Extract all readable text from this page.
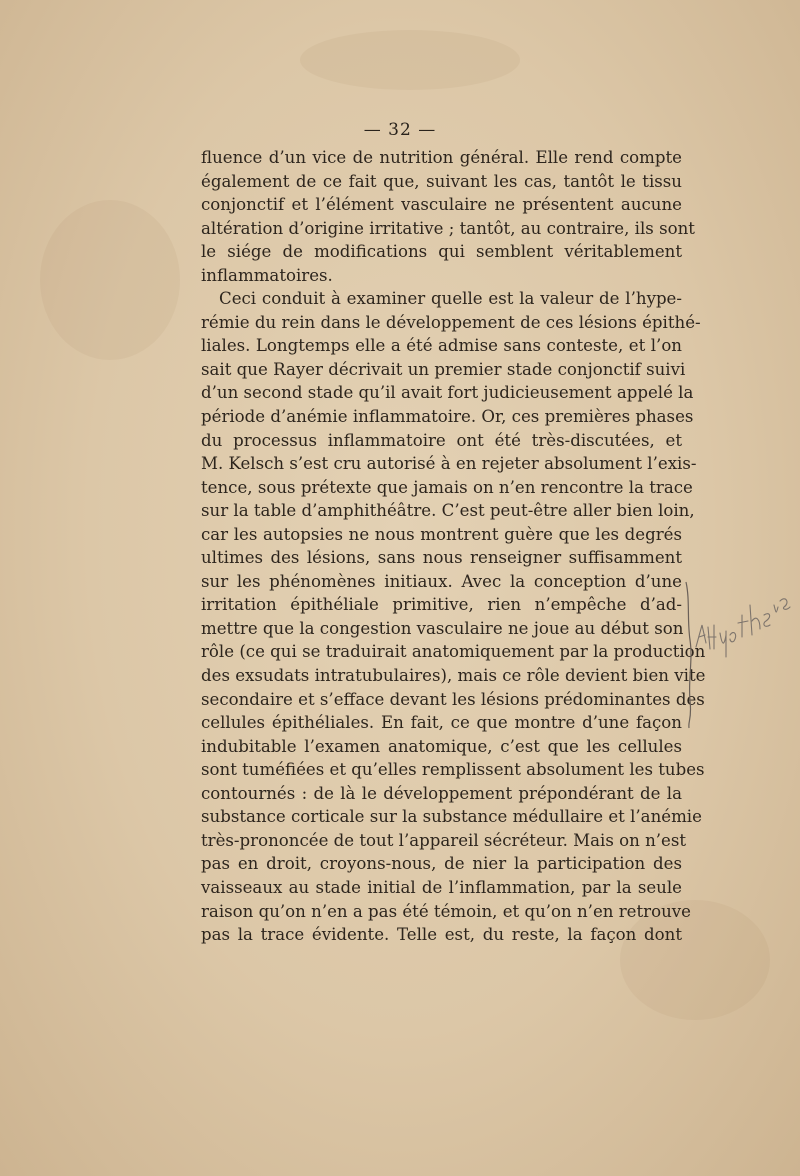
— 32 —

fluence d’un vice de nutrition général. Elle rend compte
également de ce fait que, suivant les cas, tantôt le tissu
conjonctif et l’élément vasculaire ne présentent aucune
altération d’origine irritative ; tantôt, au contraire, ils sont
le siége de modifications qui semblent véritablement
inflammatoires.

Ceci conduit à examiner quelle est la valeur de l’hype-
rémie du rein dans le développement de ces lésions épithé-
liales. Longtemps elle a été admise sans conteste, et l’on
sait que Rayer décrivait un premier stade conjonctif suivi
d’un second stade qu’il avait fort judicieusement appelé la
période d’anémie inflammatoire. Or, ces premières phases
du processus inflammatoire ont été très-discutées, et
M. Kelsch s’est cru autorisé à en rejeter absolument l’exis-
tence, sous prétexte que jamais on n’en rencontre la trace
sur la table d’amphithéâtre. C’est peut-être aller bien loin,
car les autopsies ne nous montrent guère que les degrés
ultimes des lésions, sans nous renseigner suffisamment
sur les phénomènes initiaux. Avec la conception d’une
irritation épithéliale primitive, rien n’empêche d’ad-
mettre que la congestion vasculaire ne joue au début son
rôle (ce qui se traduirait anatomiquement par la production
des exsudats intratubulaires), mais ce rôle devient bien vite
secondaire et s’efface devant les lésions prédominantes des
cellules épithéliales. En fait, ce que montre d’une façon
indubitable l’examen anatomique, c’est que les cellules
sont tuméfiées et qu’elles remplissent absolument les tubes
contournés : de là le développement prépondérant de la
substance corticale sur la substance médullaire et l’anémie
très-prononcée de tout l’appareil sécréteur. Mais on n’est
pas en droit, croyons-nous, de nier la participation des
vaisseaux au stade initial de l’inflammation, par la seule
raison qu’on n’en a pas été témoin, et qu’on n’en retrouve
pas la trace évidente. Telle est, du reste, la façon dont
